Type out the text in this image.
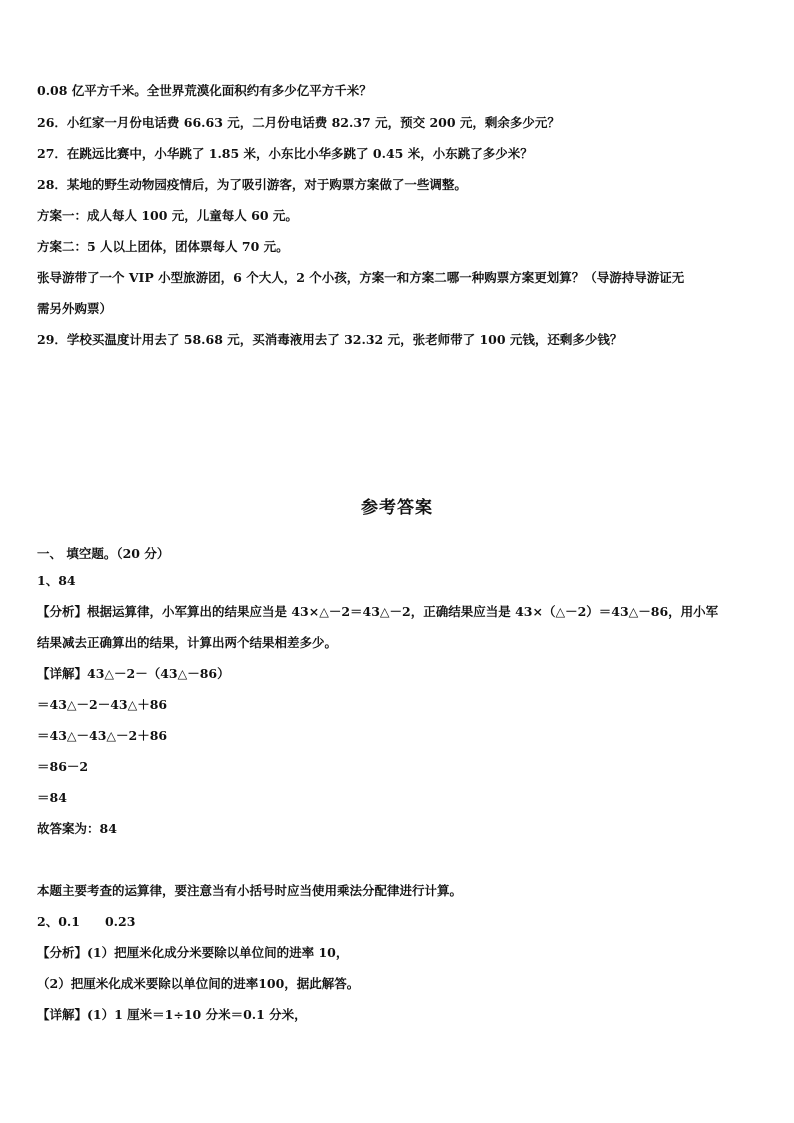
0.08 亿平方千米。全世界荒漠化面积约有多少亿平方千米？
26．小红家一月份电话费 66.63 元，二月份电话费 82.37 元，预交 200 元，剩余多少元？
27．在跳远比赛中，小华跳了 1.85 米，小东比小华多跳了 0.45 米，小东跳了多少米？
28．某地的野生动物园疫情后，为了吸引游客，对于购票方案做了一些调整。
方案一：成人每人 100 元，儿童每人 60 元。
方案二：5 人以上团体，团体票每人 70 元。
张导游带了一个 VIP 小型旅游团，6 个大人，2 个小孩，方案一和方案二哪一种购票方案更划算？（导游持导游证无
需另外购票）
29．学校买温度计用去了 58.68 元，买消毒液用去了 32.32 元，张老师带了 100 元钱，还剩多少钱？
参考答案
一、 填空题。（20 分）
1、84
【分析】根据运算律，小军算出的结果应当是 43×△－2＝43△－2，正确结果应当是 43×（△－2）＝43△－86，用小军
结果减去正确算出的结果，计算出两个结果相差多少。
【详解】43△－2－（43△－86）
＝43△－2－43△＋86
＝43△－43△－2＋86
＝86－2
＝84
故答案为：84
本题主要考查的运算律，要注意当有小括号时应当使用乘法分配律进行计算。
2、0.1　　0.23
【分析】(1）把厘米化成分米要除以单位间的进率 10，
（2）把厘米化成米要除以单位间的进率100，据此解答。
【详解】(1）1 厘米＝1÷10 分米＝0.1 分米，
